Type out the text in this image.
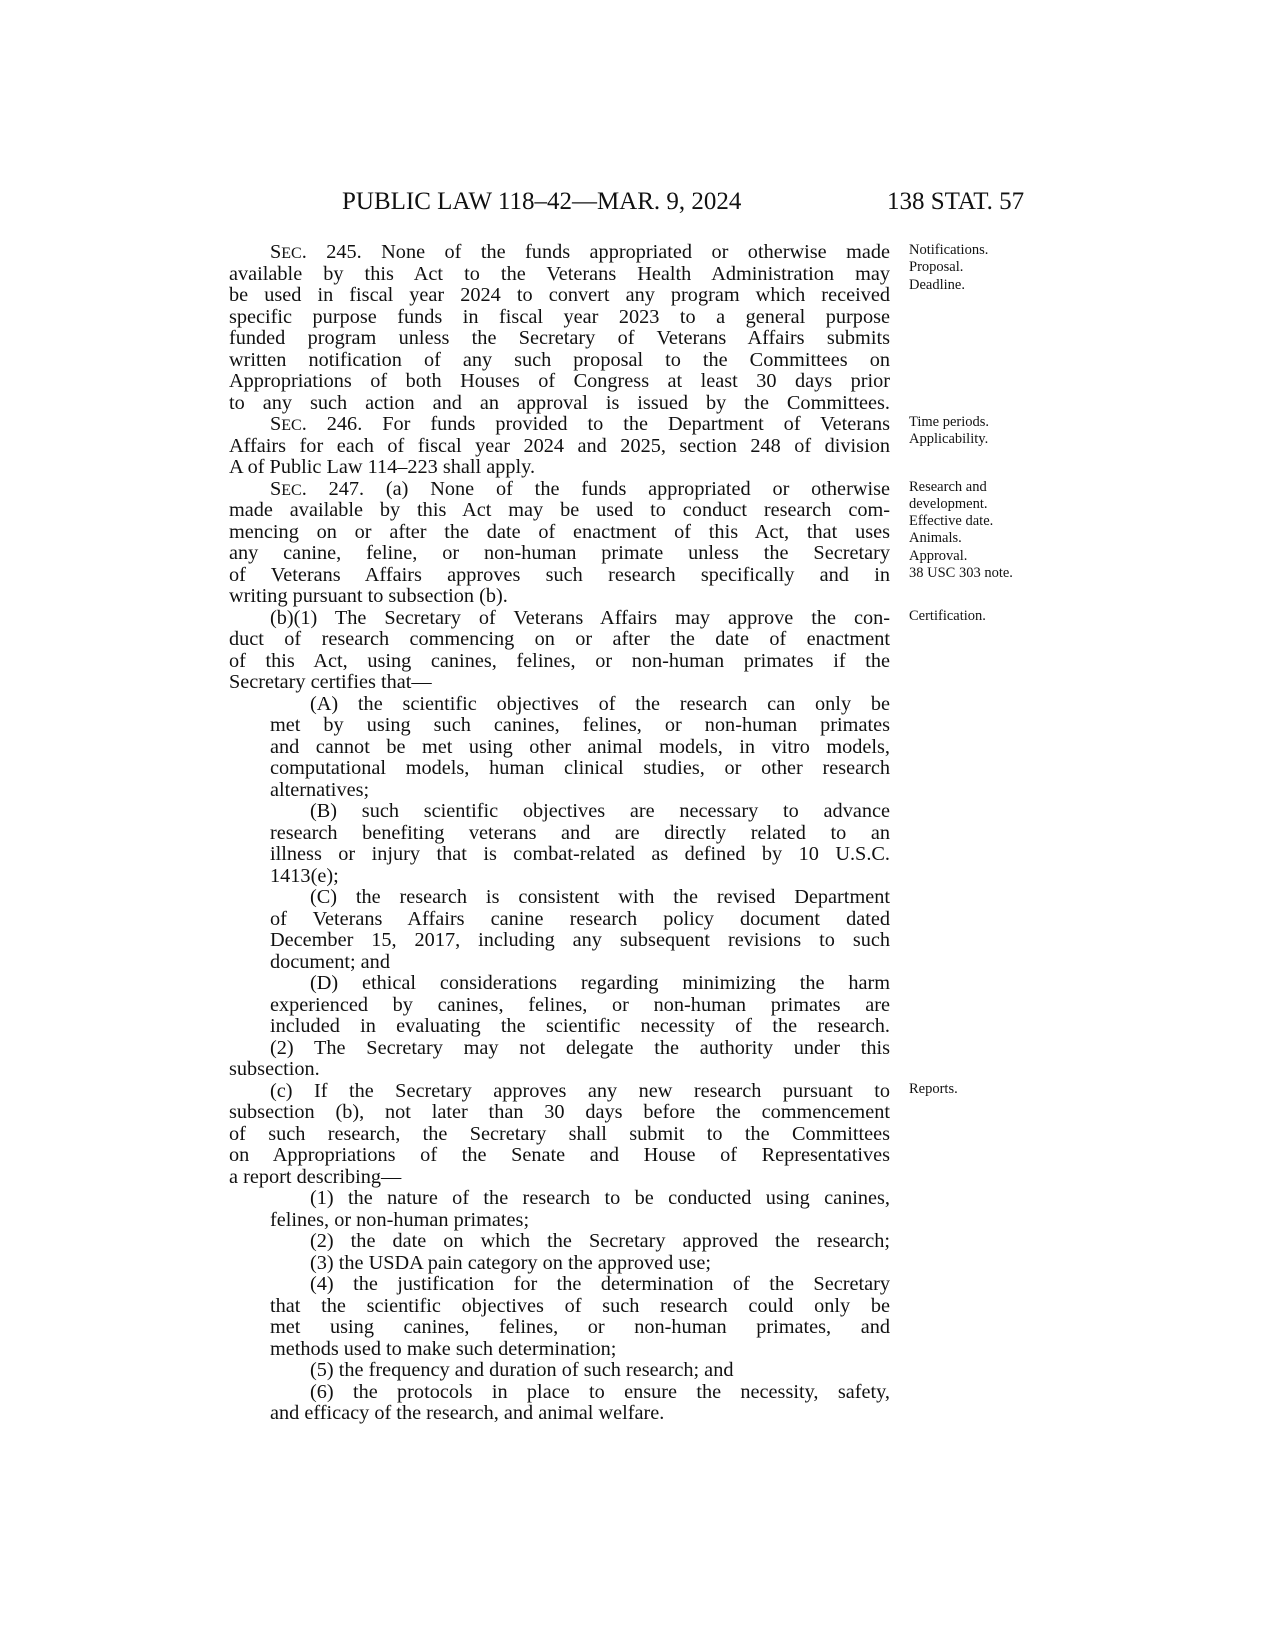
PUBLIC LAW 118–42—MAR. 9, 2024	138 STAT. 57
SEC. 245. None of the funds appropriated or otherwise made
available by this Act to the Veterans Health Administration may
be used in fiscal year 2024 to convert any program which received
specific purpose funds in fiscal year 2023 to a general purpose
funded program unless the Secretary of Veterans Affairs submits
written notification of any such proposal to the Committees on
Appropriations of both Houses of Congress at least 30 days prior
to any such action and an approval is issued by the Committees.
SEC. 246. For funds provided to the Department of Veterans
Affairs for each of fiscal year 2024 and 2025, section 248 of division
A of Public Law 114–223 shall apply.
SEC. 247. (a) None of the funds appropriated or otherwise
made available by this Act may be used to conduct research com-
mencing on or after the date of enactment of this Act, that uses
any canine, feline, or non-human primate unless the Secretary
of Veterans Affairs approves such research specifically and in
writing pursuant to subsection (b).
(b)(1) The Secretary of Veterans Affairs may approve the con-
duct of research commencing on or after the date of enactment
of this Act, using canines, felines, or non-human primates if the
Secretary certifies that—
(A) the scientific objectives of the research can only be
met by using such canines, felines, or non-human primates
and cannot be met using other animal models, in vitro models,
computational models, human clinical studies, or other research
alternatives;
(B) such scientific objectives are necessary to advance
research benefiting veterans and are directly related to an
illness or injury that is combat-related as defined by 10 U.S.C.
1413(e);
(C) the research is consistent with the revised Department
of Veterans Affairs canine research policy document dated
December 15, 2017, including any subsequent revisions to such
document; and
(D) ethical considerations regarding minimizing the harm
experienced by canines, felines, or non-human primates are
included in evaluating the scientific necessity of the research.
(2) The Secretary may not delegate the authority under this
subsection.
(c) If the Secretary approves any new research pursuant to
subsection (b), not later than 30 days before the commencement
of such research, the Secretary shall submit to the Committees
on Appropriations of the Senate and House of Representatives
a report describing—
(1) the nature of the research to be conducted using canines,
felines, or non-human primates;
(2) the date on which the Secretary approved the research;
(3) the USDA pain category on the approved use;
(4) the justification for the determination of the Secretary
that the scientific objectives of such research could only be
met using canines, felines, or non-human primates, and
methods used to make such determination;
(5) the frequency and duration of such research; and
(6) the protocols in place to ensure the necessity, safety,
and efficacy of the research, and animal welfare.
Notifications.
Proposal.
Deadline.
Time periods.
Applicability.
Research and
development.
Effective date.
Animals.
Approval.
38 USC 303 note.
Certification.
Reports.
